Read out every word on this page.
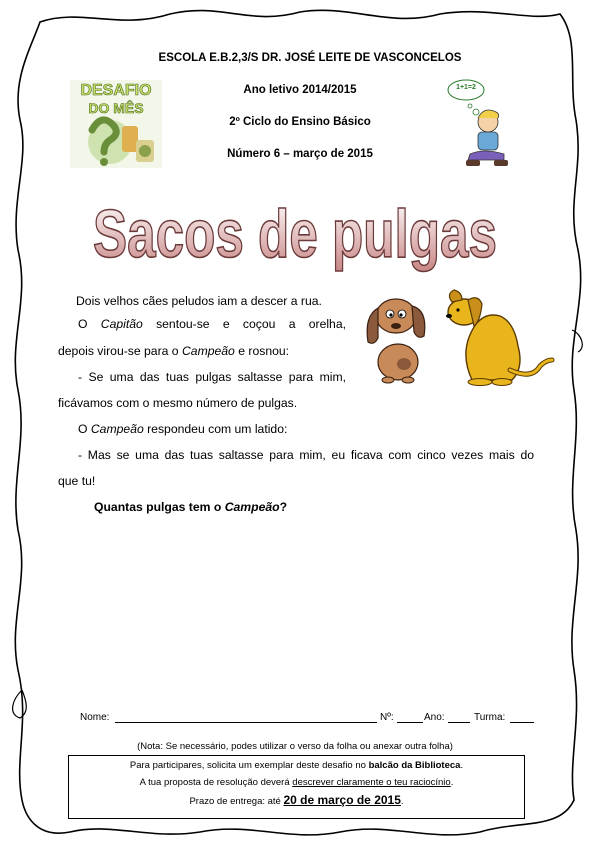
ESCOLA E.B.2,3/S DR. JOSÉ LEITE DE VASCONCELOS
Ano letivo 2014/2015
2º Ciclo do Ensino Básico
Número 6 – março de 2015
DESAFIO
DO MÊS
1+1=2
Sacos de pulgas
Dois velhos cães peludos iam a descer a rua.
O Capitão sentou-se e coçou a orelha,
depois virou-se para o Campeão e rosnou:
- Se uma das tuas pulgas saltasse para mim,
ficávamos com o mesmo número de pulgas.
O Campeão respondeu com um latido:
- Mas se uma das tuas saltasse para mim, eu ficava com cinco vezes mais do
que tu!
Quantas pulgas tem o Campeão?
Nome:	Nº:	Ano:	Turma:
(Nota: Se necessário, podes utilizar o verso da folha ou anexar outra folha)
Para participares, solicita um exemplar deste desafio no balcão da Biblioteca.
A tua proposta de resolução deverá descrever claramente o teu raciocínio.
Prazo de entrega: até 20 de março de 2015.
